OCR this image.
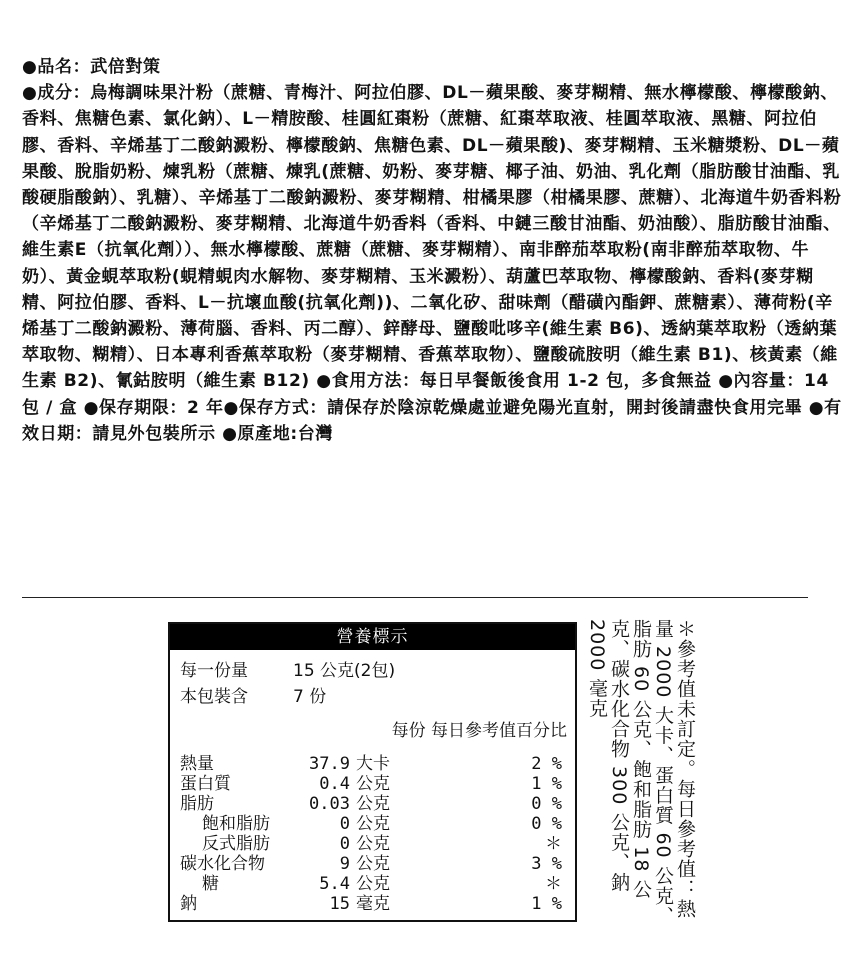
●品名：武倍對策

●成分：烏梅調味果汁粉（蔗糖、青梅汁、阿拉伯膠、DL－蘋果酸、麥芽糊精、無水檸檬酸、檸檬酸鈉、香料、焦糖色素、氯化鈉）、L－精胺酸、桂圓紅棗粉（蔗糖、紅棗萃取液、桂圓萃取液、黑糖、阿拉伯膠、香料、辛烯基丁二酸鈉澱粉、檸檬酸鈉、焦糖色素、DL－蘋果酸)、麥芽糊精、玉米糖漿粉、DL－蘋果酸、脫脂奶粉、煉乳粉（蔗糖、煉乳(蔗糖、奶粉、麥芽糖、椰子油、奶油、乳化劑（脂肪酸甘油酯、乳酸硬脂酸鈉）、乳糖）、辛烯基丁二酸鈉澱粉、麥芽糊精、柑橘果膠（柑橘果膠、蔗糖）、北海道牛奶香料粉（辛烯基丁二酸鈉澱粉、麥芽糊精、北海道牛奶香料（香料、中鏈三酸甘油酯、奶油酸）、脂肪酸甘油酯、維生素E（抗氧化劑））、無水檸檬酸、蔗糖（蔗糖、麥芽糊精）、南非醉茄萃取粉(南非醉茄萃取物、牛奶）、黃金蜆萃取粉(蜆精蜆肉水解物、麥芽糊精、玉米澱粉）、葫蘆巴萃取物、檸檬酸鈉、香料(麥芽糊精、阿拉伯膠、香料、L－抗壞血酸(抗氧化劑))、二氧化矽、甜味劑（醋磺內酯鉀、蔗糖素）、薄荷粉(辛烯基丁二酸鈉澱粉、薄荷腦、香料、丙二醇）、鋅酵母、鹽酸吡哆辛(維生素 B6)、透納葉萃取粉（透納葉萃取物、糊精）、日本專利香蕉萃取粉（麥芽糊精、香蕉萃取物）、鹽酸硫胺明（維生素 B1)、核黃素（維生素 B2)、氰鈷胺明（維生素 B12) ●食用方法：每日早餐飯後食用 1-2 包，多食無益 ●內容量：14 包 / 盒 ●保存期限：2 年●保存方式：請保存於陰涼乾燥處並避免陽光直射，開封後請盡快食用完畢 ●有效日期：請見外包裝所示 ●原產地:台灣

營養標示
每一份量	15 公克(2包)
本包裝含	7 份
每份 每日參考值百分比
熱量	37.9 大卡	2 %
蛋白質	0.4 公克	1 %
脂肪	0.03 公克	0 %
飽和脂肪	0 公克	0 %
反式脂肪	0 公克	＊
碳水化合物	9 公克	3 %
糖	5.4 公克	＊
鈉	15 毫克	1 %	＊參考值未訂定。每日參考值：熱量 2000 大卡、蛋白質 60 公克、脂肪 60 公克、飽和脂肪 18 公克、碳水化合物 300 公克、鈉 2000 毫克
